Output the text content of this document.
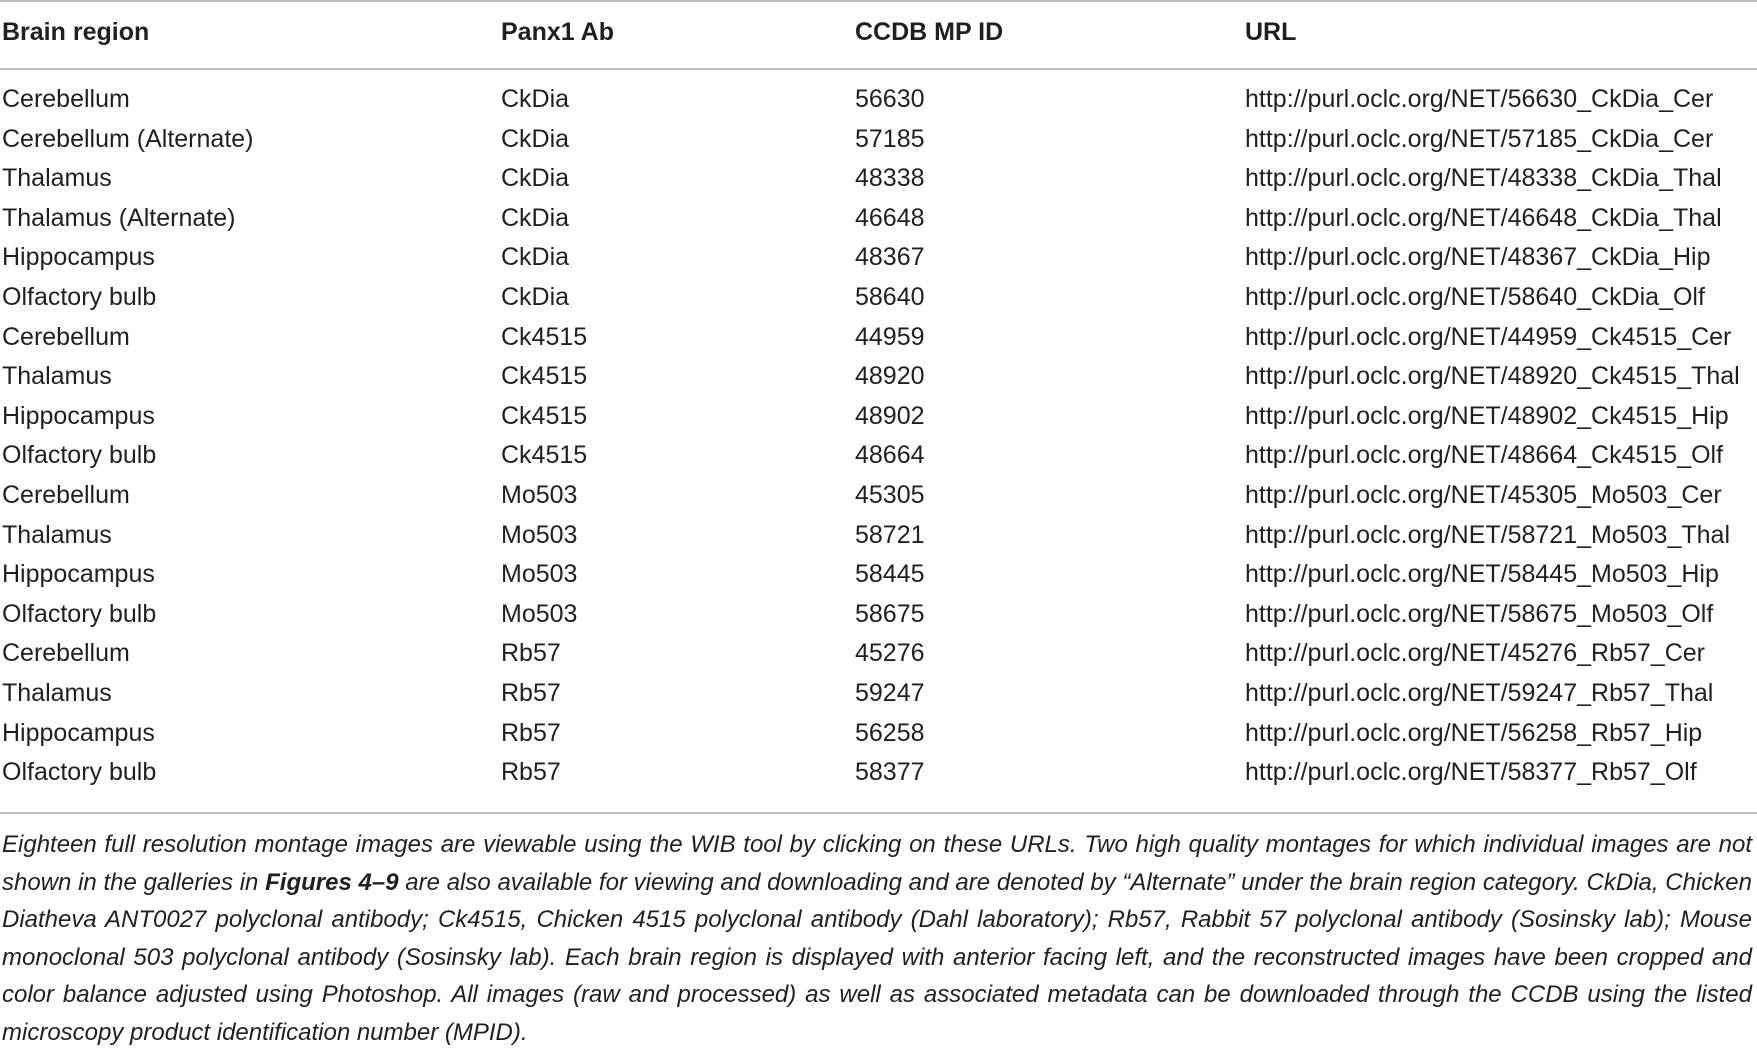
Brain region	Panx1 Ab	CCDB MP ID	URL
Cerebellum	CkDia	56630	http://purl.oclc.org/NET/56630_CkDia_Cer
Cerebellum (Alternate)	CkDia	57185	http://purl.oclc.org/NET/57185_CkDia_Cer
Thalamus	CkDia	48338	http://purl.oclc.org/NET/48338_CkDia_Thal
Thalamus (Alternate)	CkDia	46648	http://purl.oclc.org/NET/46648_CkDia_Thal
Hippocampus	CkDia	48367	http://purl.oclc.org/NET/48367_CkDia_Hip
Olfactory bulb	CkDia	58640	http://purl.oclc.org/NET/58640_CkDia_Olf
Cerebellum	Ck4515	44959	http://purl.oclc.org/NET/44959_Ck4515_Cer
Thalamus	Ck4515	48920	http://purl.oclc.org/NET/48920_Ck4515_Thal
Hippocampus	Ck4515	48902	http://purl.oclc.org/NET/48902_Ck4515_Hip
Olfactory bulb	Ck4515	48664	http://purl.oclc.org/NET/48664_Ck4515_Olf
Cerebellum	Mo503	45305	http://purl.oclc.org/NET/45305_Mo503_Cer
Thalamus	Mo503	58721	http://purl.oclc.org/NET/58721_Mo503_Thal
Hippocampus	Mo503	58445	http://purl.oclc.org/NET/58445_Mo503_Hip
Olfactory bulb	Mo503	58675	http://purl.oclc.org/NET/58675_Mo503_Olf
Cerebellum	Rb57	45276	http://purl.oclc.org/NET/45276_Rb57_Cer
Thalamus	Rb57	59247	http://purl.oclc.org/NET/59247_Rb57_Thal
Hippocampus	Rb57	56258	http://purl.oclc.org/NET/56258_Rb57_Hip
Olfactory bulb	Rb57	58377	http://purl.oclc.org/NET/58377_Rb57_Olf
Eighteen full resolution montage images are viewable using the WIB tool by clicking on these URLs. Two high quality montages for which individual images are not shown in the galleries in Figures 4–9 are also available for viewing and downloading and are denoted by “Alternate” under the brain region category. CkDia, Chicken Diatheva ANT0027 polyclonal antibody; Ck4515, Chicken 4515 polyclonal antibody (Dahl laboratory); Rb57, Rabbit 57 polyclonal antibody (Sosinsky lab); Mouse monoclonal 503 polyclonal antibody (Sosinsky lab). Each brain region is displayed with anterior facing left, and the reconstructed images have been cropped and color balance adjusted using Photoshop. All images (raw and processed) as well as associated metadata can be downloaded through the CCDB using the listed microscopy product identification number (MPID).
